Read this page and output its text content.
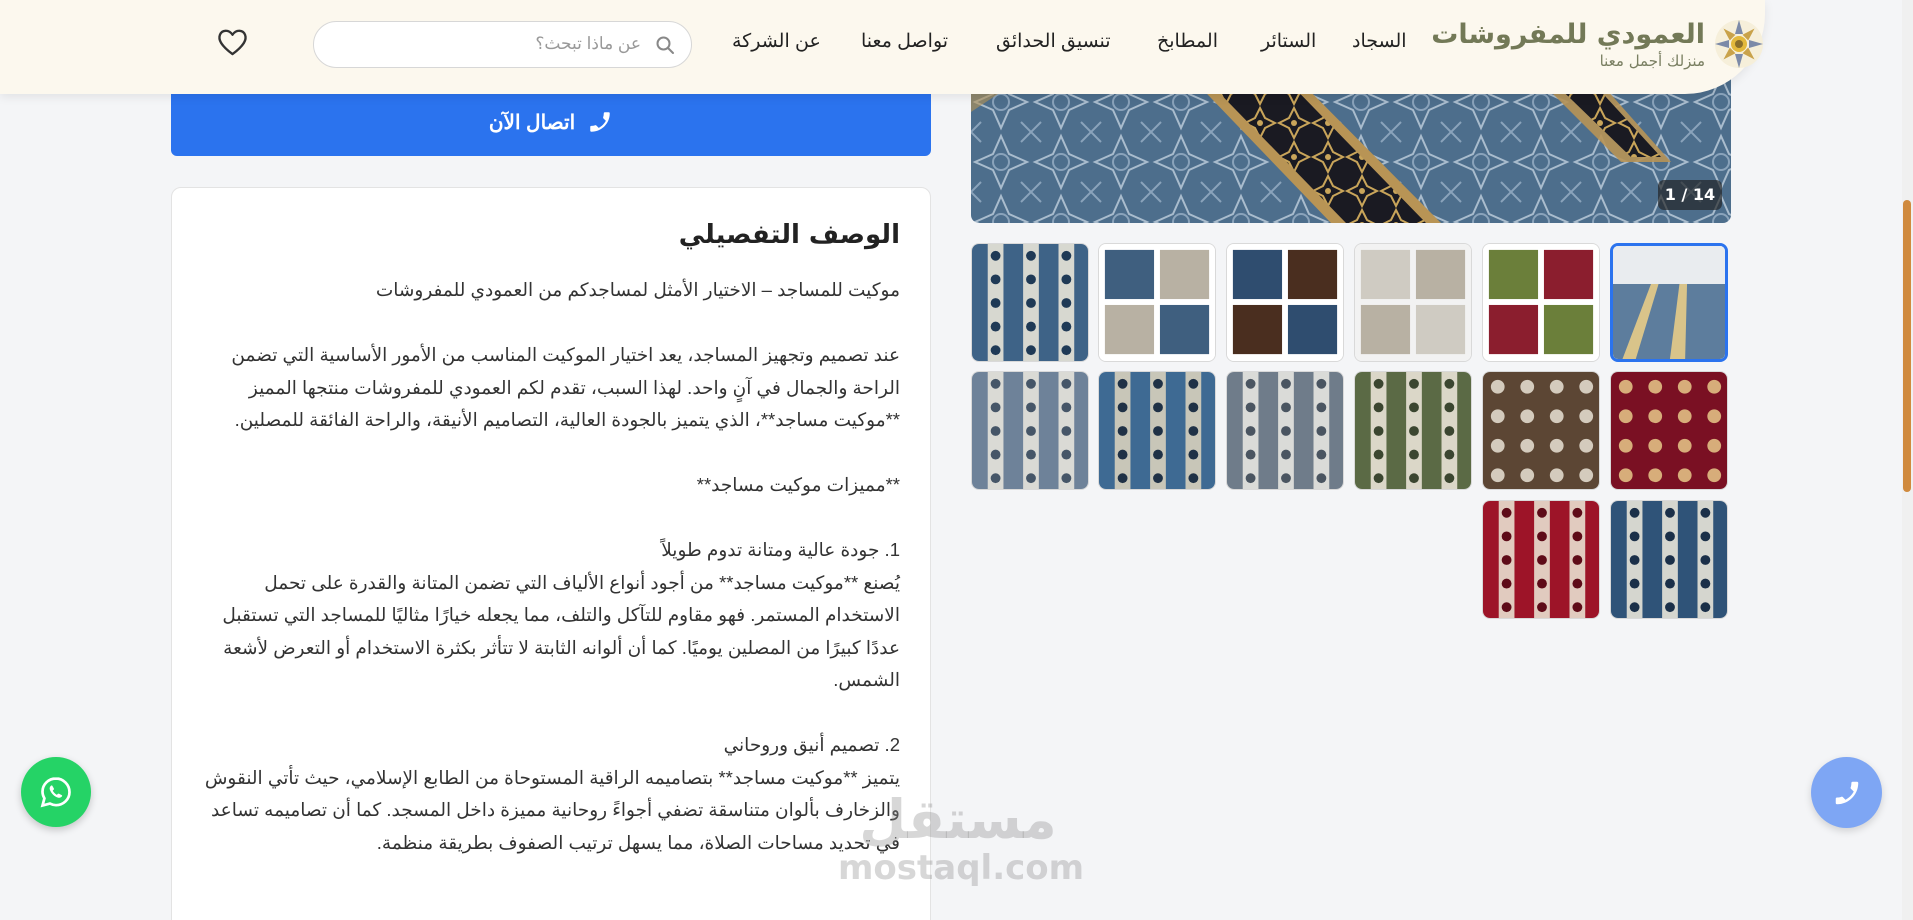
العمودي للمفروشات
منزلك أجمل معنا
السجاد
الستائر
المطابخ
تنسيق الحدائق
تواصل معنا
عن الشركة
عن ماذا تبحث؟
اتصال الآن
الوصف التفصيلي

موكيت للمساجد – الاختيار الأمثل لمساجدكم من العمودي للمفروشات

عند تصميم وتجهيز المساجد، يعد اختيار الموكيت المناسب من الأمور الأساسية التي تضمن الراحة والجمال في آنٍ واحد. لهذا السبب، تقدم لكم العمودي للمفروشات منتجها المميز **موكيت مساجد**، الذي يتميز بالجودة العالية، التصاميم الأنيقة، والراحة الفائقة للمصلين.

**مميزات موكيت مساجد**

1. جودة عالية ومتانة تدوم طويلاً

يُصنع **موكيت مساجد** من أجود أنواع الألياف التي تضمن المتانة والقدرة على تحمل الاستخدام المستمر. فهو مقاوم للتآكل والتلف، مما يجعله خيارًا مثاليًا للمساجد التي تستقبل عددًا كبيرًا من المصلين يوميًا. كما أن ألوانه الثابتة لا تتأثر بكثرة الاستخدام أو التعرض لأشعة الشمس.

2. تصميم أنيق وروحاني

يتميز **موكيت مساجد** بتصاميمه الراقية المستوحاة من الطابع الإسلامي، حيث تأتي النقوش والزخارف بألوان متناسقة تضفي أجواءً روحانية مميزة داخل المسجد. كما أن تصاميمه تساعد في تحديد مساحات الصلاة، مما يسهل ترتيب الصفوف بطريقة منظمة.

1 / 14
مستقل
mostaql.com
